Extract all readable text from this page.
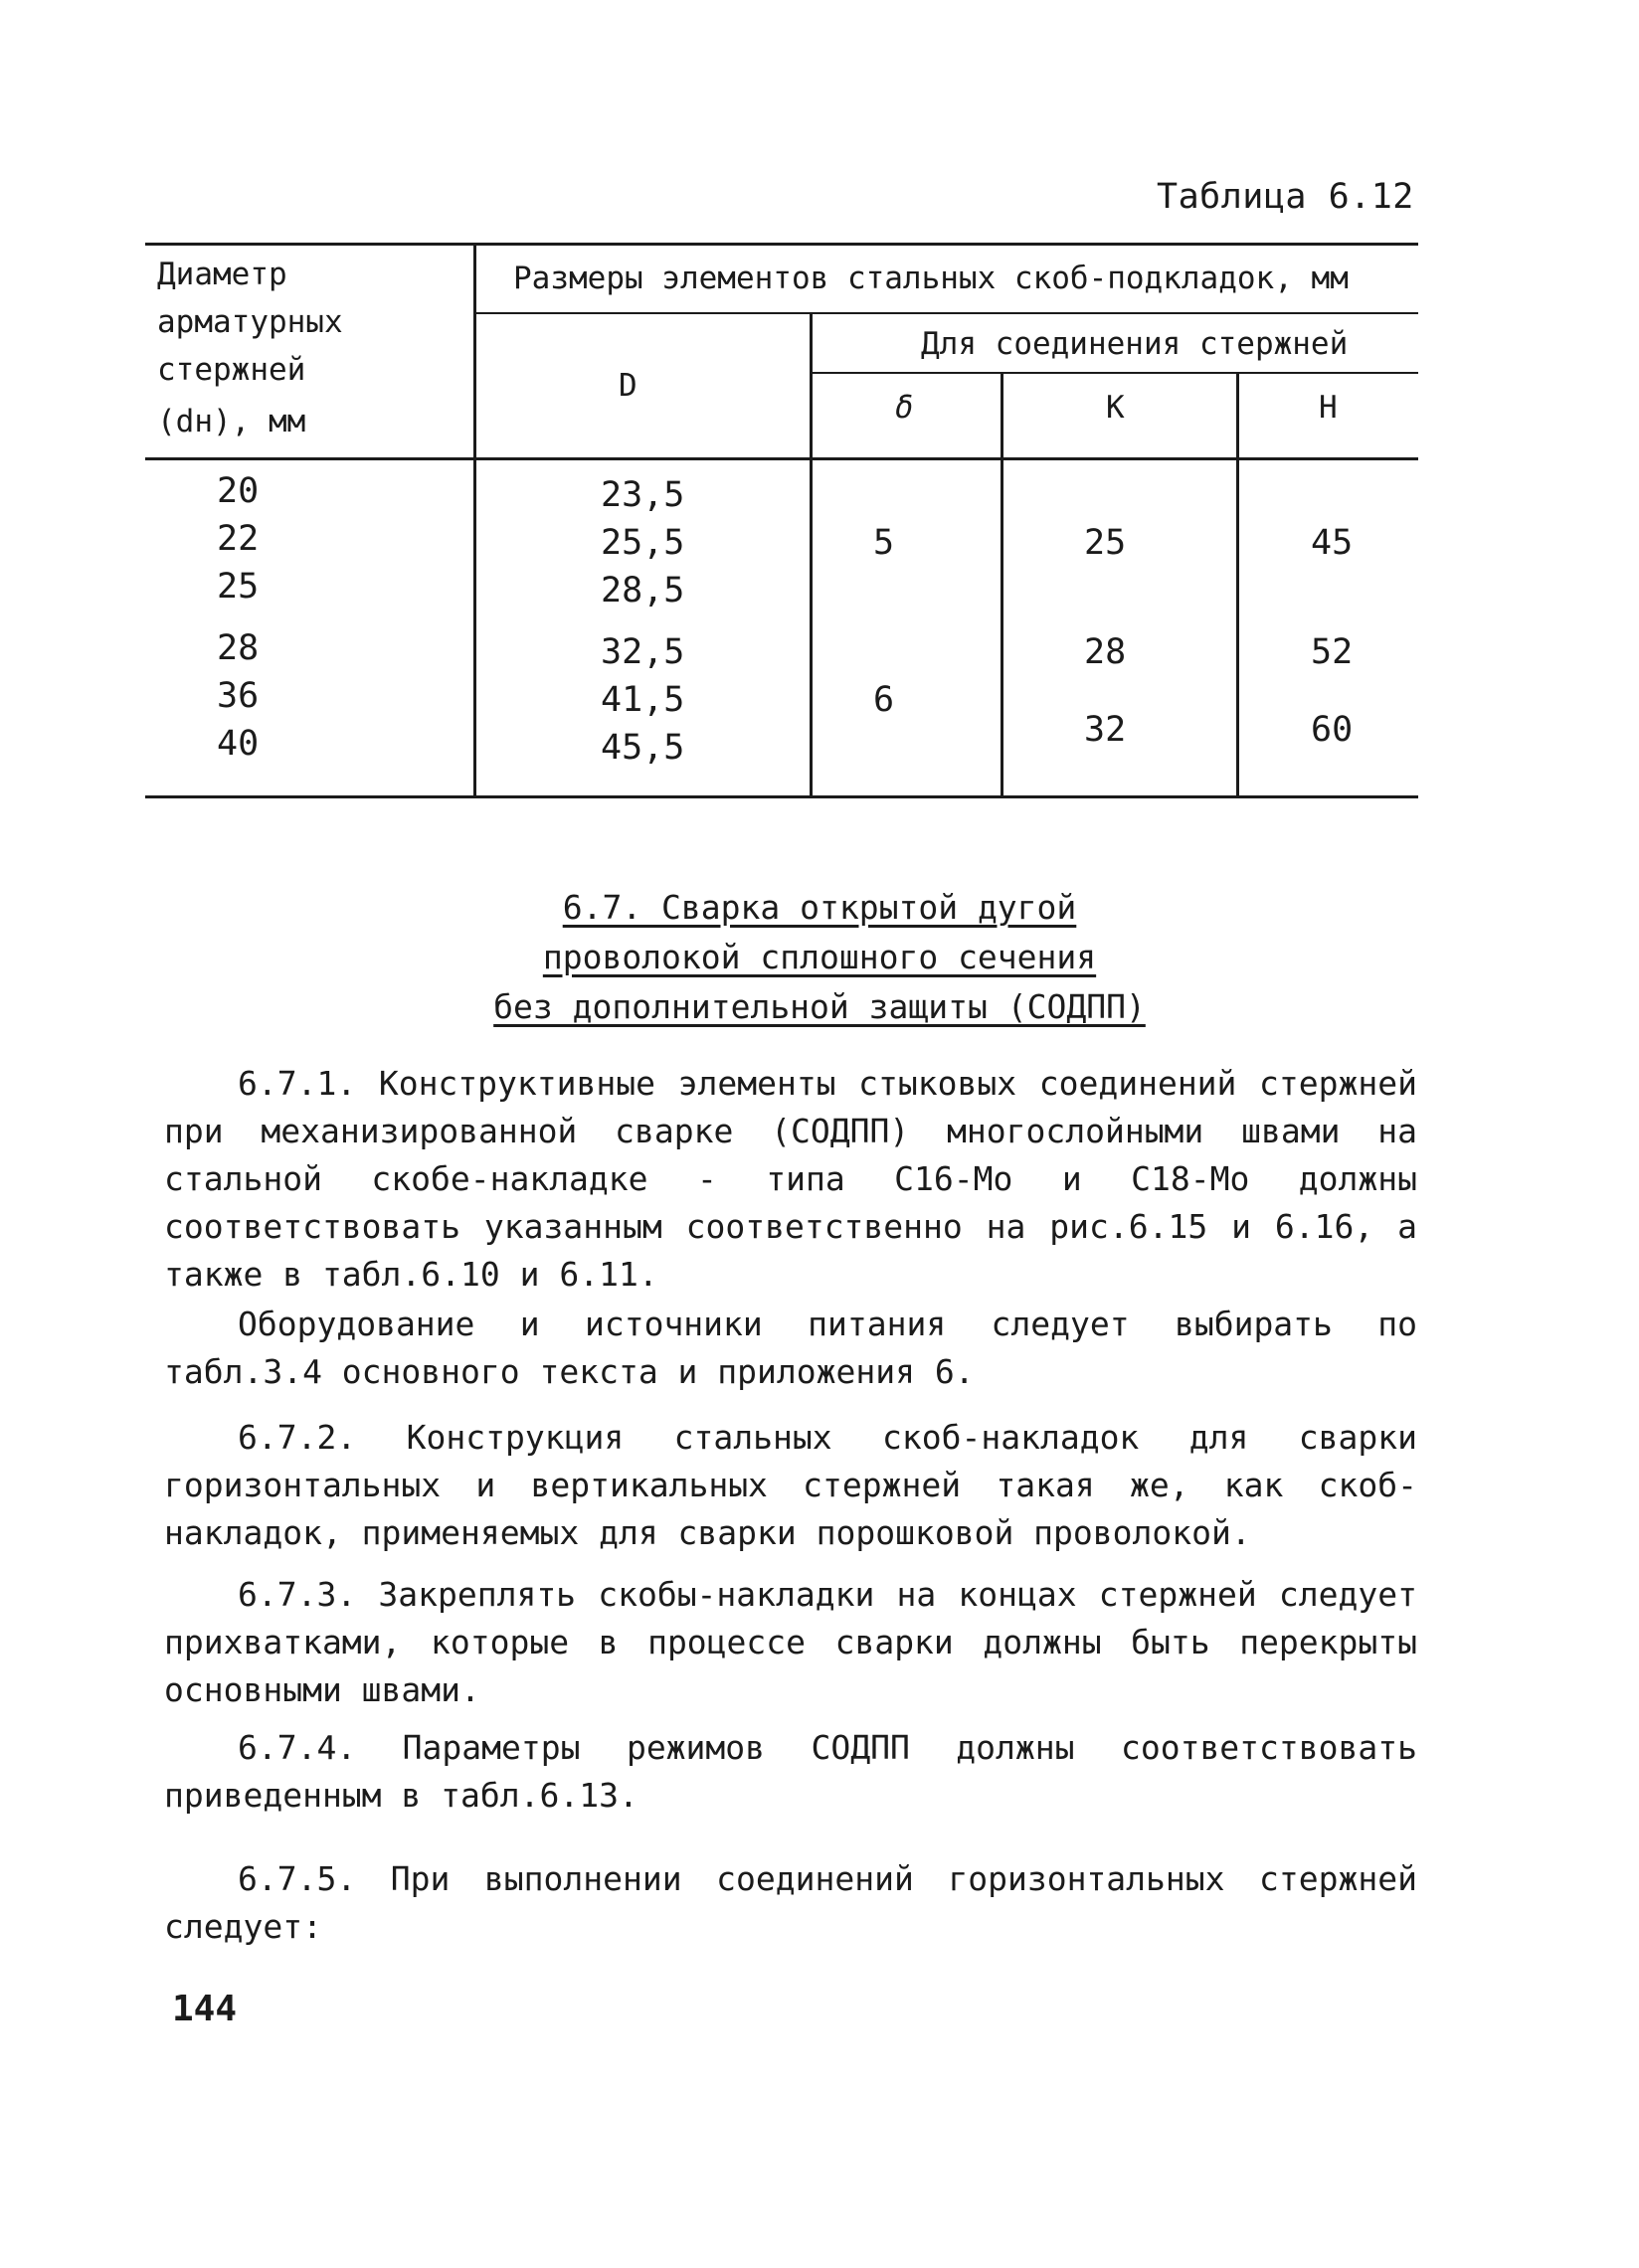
Таблица 6.12
Диаметр
арматурных
стержней
(dн), мм
Размеры элементов стальных скоб-подкладок, мм
D
Для соединения стержней
δ	К	Н
20
22
25
28
36
40
23,5
25,5
28,5
32,5
41,5
45,5
5
6
25
28
32
45
52
60
6.7. Сварка открытой дугой
проволокой сплошного сечения
без дополнительной защиты (СОДПП)

6.7.1. Конструктивные элементы стыковых соединений стержней при механизированной сварке (СОДПП) многослойными швами на стальной скобе-накладке - типа С16-Мо и С18-Мо должны соответствовать указанным соответственно на рис.6.15 и 6.16, а также в табл.6.10 и 6.11.

Оборудование и источники питания следует выбирать по табл.3.4 основного текста и приложения 6.

6.7.2. Конструкция стальных скоб-накладок для сварки горизонтальных и вертикальных стержней такая же, как скоб-накладок, применяемых для сварки порошковой проволокой.

6.7.3. Закреплять скобы-накладки на концах стержней следует прихватками, которые в процессе сварки должны быть перекрыты основными швами.

6.7.4. Параметры режимов СОДПП должны соответствовать приведенным в табл.6.13.

6.7.5. При выполнении соединений горизонтальных стержней следует:

144
